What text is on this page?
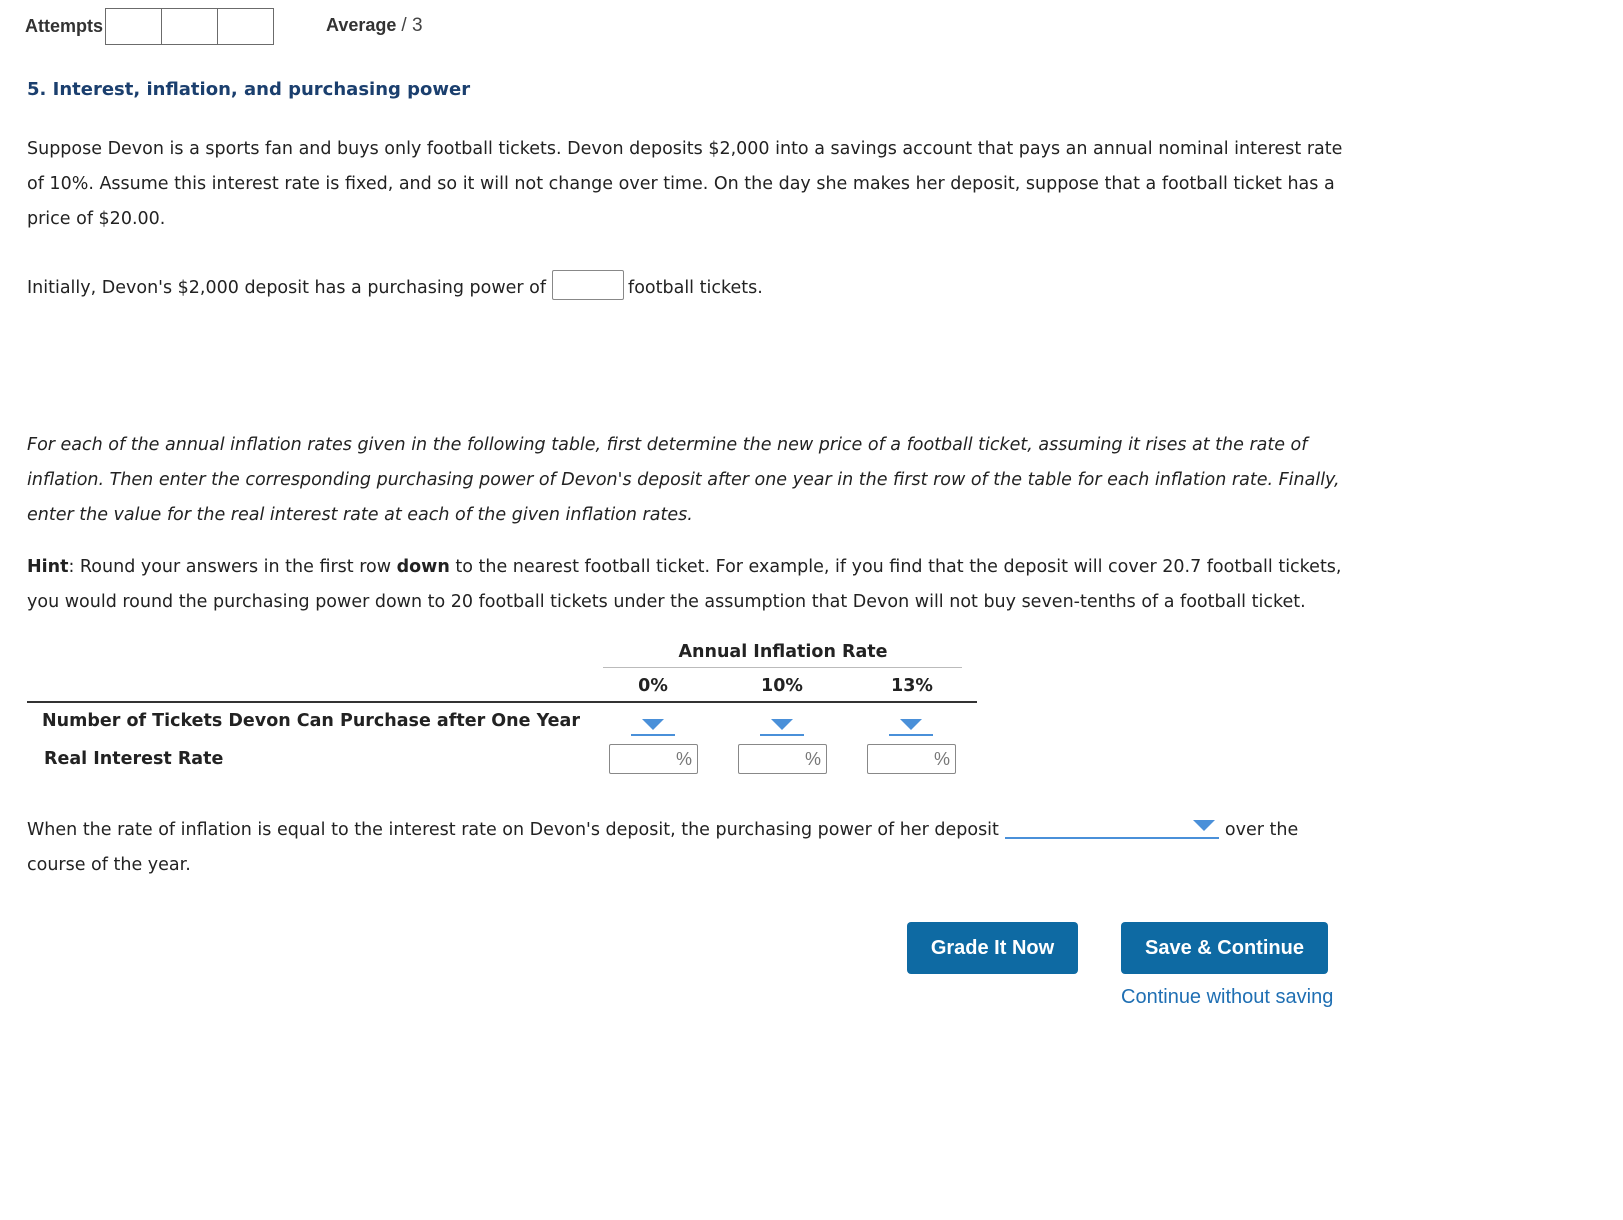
Attempts	Average / 3
5. Interest, inflation, and purchasing power
Suppose Devon is a sports fan and buys only football tickets. Devon deposits $2,000 into a savings account that pays an annual nominal interest rate of 10%. Assume this interest rate is fixed, and so it will not change over time. On the day she makes her deposit, suppose that a football ticket has a price of $20.00.
Initially, Devon's $2,000 deposit has a purchasing power of	football tickets.
For each of the annual inflation rates given in the following table, first determine the new price of a football ticket, assuming it rises at the rate of inflation. Then enter the corresponding purchasing power of Devon's deposit after one year in the first row of the table for each inflation rate. Finally, enter the value for the real interest rate at each of the given inflation rates.
Hint: Round your answers in the first row down to the nearest football ticket. For example, if you find that the deposit will cover 20.7 football tickets, you would round the purchasing power down to 20 football tickets under the assumption that Devon will not buy seven-tenths of a football ticket.
Annual Inflation Rate
0%	10%	13%
Number of Tickets Devon Can Purchase after One Year
Real Interest Rate	%	%	%
When the rate of inflation is equal to the interest rate on Devon's deposit, the purchasing power of her deposit	over the course of the year.
Grade It Now	Save & Continue
Continue without saving
